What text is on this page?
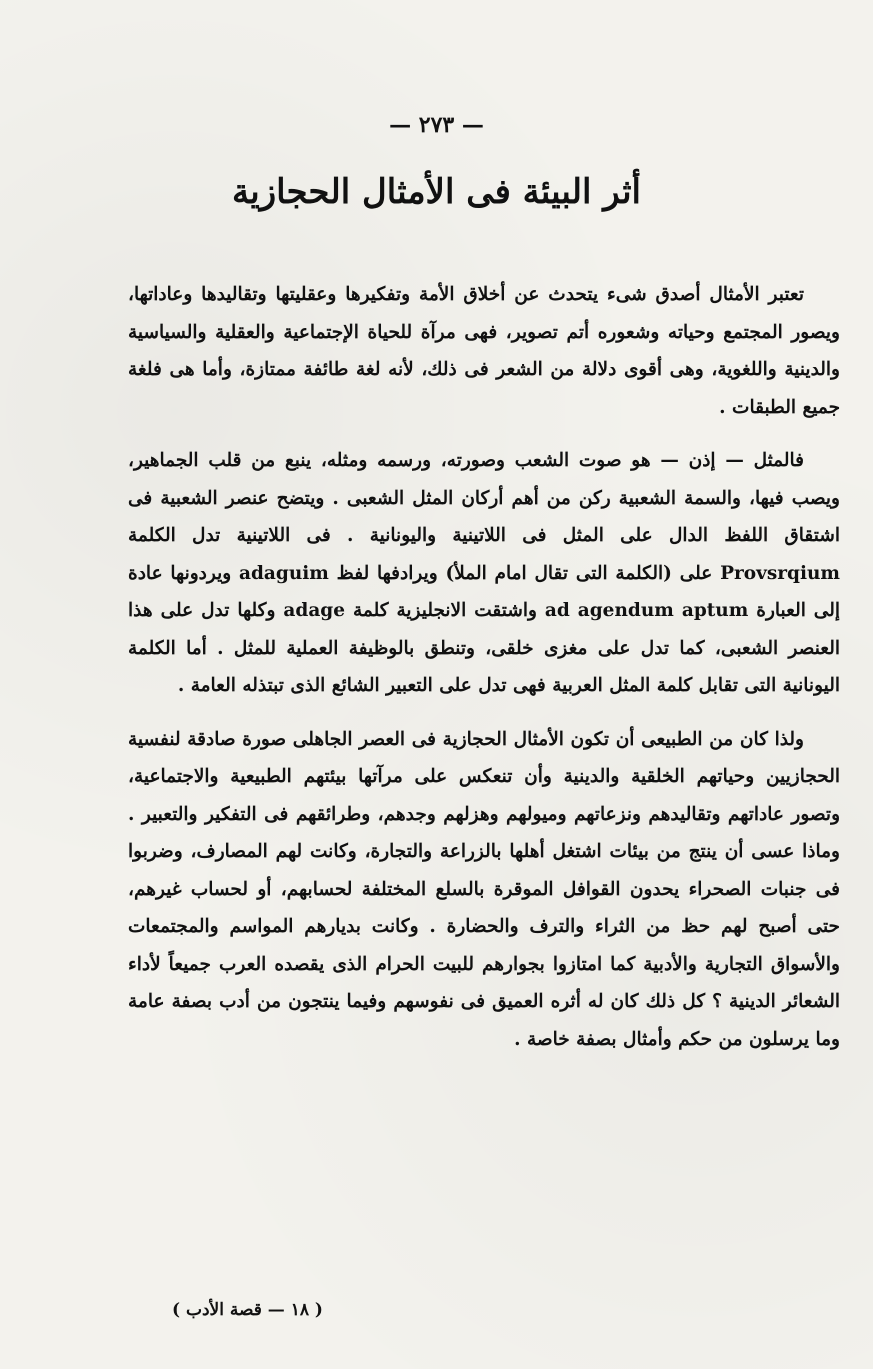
— ٢٧٣ —
أثر البيئة فى الأمثال الحجازية

تعتبر الأمثال أصدق شىء يتحدث عن أخلاق الأمة وتفكيرها وعقليتها وتقاليدها وعاداتها، ويصور المجتمع وحياته وشعوره أتم تصوير، فهى مرآة للحياة الإجتماعية والعقلية والسياسية والدينية واللغوية، وهى أقوى دلالة من الشعر فى ذلك، لأنه لغة طائفة ممتازة، وأما هى فلغة جميع الطبقات .

فالمثل — إذن — هو صوت الشعب وصورته، ورسمه ومثله، ينبع من قلب الجماهير، ويصب فيها، والسمة الشعبية ركن من أهم أركان المثل الشعبى . ويتضح عنصر الشعبية فى اشتقاق اللفظ الدال على المثل فى اللاتينية واليونانية . فى اللاتينية تدل الكلمة Provsrqium على (الكلمة التى تقال امام الملأ) ويرادفها لفظ adaguim ويردونها عادة إلى العبارة ad agendum aptum واشتقت الانجليزية كلمة adage وكلها تدل على هذا العنصر الشعبى، كما تدل على مغزى خلقى، وتنطق بالوظيفة العملية للمثل . أما الكلمة اليونانية التى تقابل كلمة المثل العربية فهى تدل على التعبير الشائع الذى تبتذله العامة .

ولذا كان من الطبيعى أن تكون الأمثال الحجازية فى العصر الجاهلى صورة صادقة لنفسية الحجازيين وحياتهم الخلقية والدينية وأن تنعكس على مرآتها بيئتهم الطبيعية والاجتماعية، وتصور عاداتهم وتقاليدهم ونزعاتهم وميولهم وهزلهم وجدهم، وطرائقهم فى التفكير والتعبير . وماذا عسى أن ينتج من بيئات اشتغل أهلها بالزراعة والتجارة، وكانت لهم المصارف، وضربوا فى جنبات الصحراء يحدون القوافل الموقرة بالسلع المختلفة لحسابهم، أو لحساب غيرهم، حتى أصبح لهم حظ من الثراء والترف والحضارة . وكانت بديارهم المواسم والمجتمعات والأسواق التجارية والأدبية كما امتازوا بجوارهم للبيت الحرام الذى يقصده العرب جميعاً لأداء الشعائر الدينية ؟ كل ذلك كان له أثره العميق فى نفوسهم وفيما ينتجون من أدب بصفة عامة وما يرسلون من حكم وأمثال بصفة خاصة .

( ١٨ — قصة الأدب )
